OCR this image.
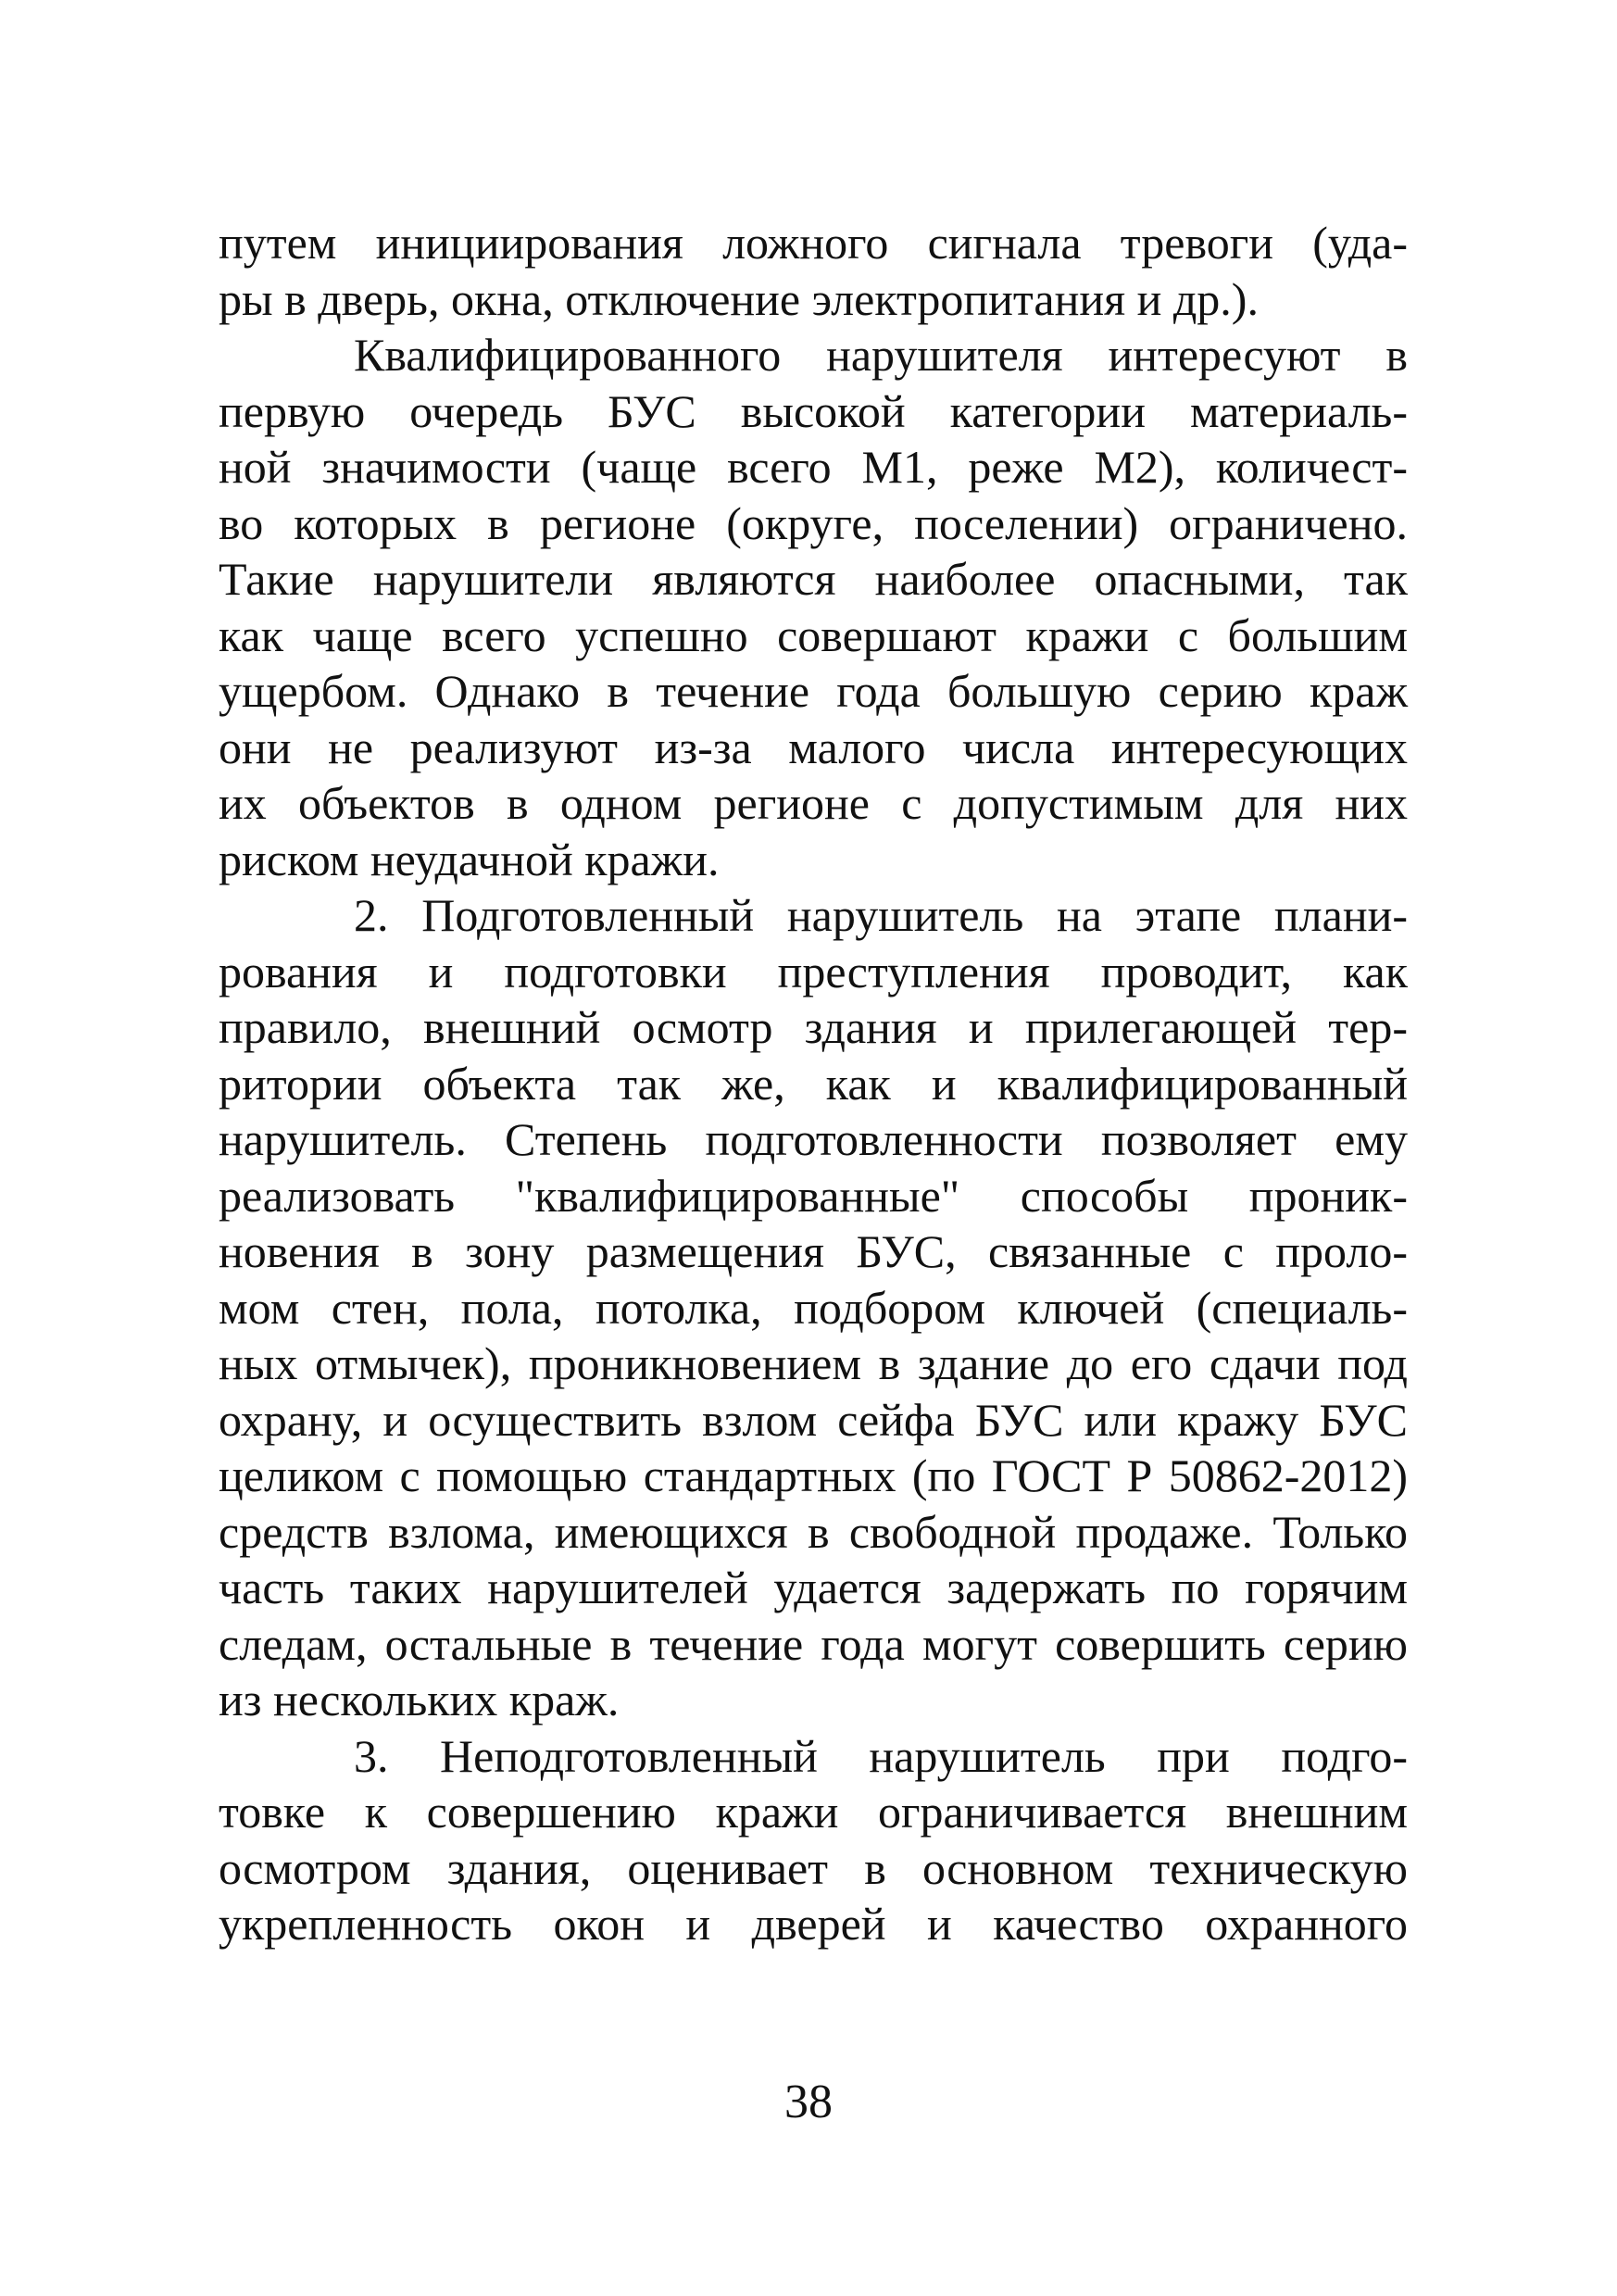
путем инициирования ложного сигнала тревоги (уда-
ры в дверь, окна, отключение электропитания и др.).
Квалифицированного нарушителя интересуют в
первую очередь БУС высокой категории материаль-
ной значимости (чаще всего М1, реже М2), количест-
во которых в регионе (округе, поселении) ограничено.
Такие нарушители являются наиболее опасными, так
как чаще всего успешно совершают кражи с большим
ущербом. Однако в течение года большую серию краж
они не реализуют из-за малого числа интересующих
их объектов в одном регионе с допустимым для них
риском неудачной кражи.
2. Подготовленный нарушитель на этапе плани-
рования и подготовки преступления проводит, как
правило, внешний осмотр здания и прилегающей тер-
ритории объекта так же, как и квалифицированный
нарушитель. Степень подготовленности позволяет ему
реализовать "квалифицированные" способы проник-
новения в зону размещения БУС, связанные с проло-
мом стен, пола, потолка, подбором ключей (специаль-
ных отмычек), проникновением в здание до его сдачи под
охрану, и осуществить взлом сейфа БУС или кражу БУС
целиком с помощью стандартных (по ГОСТ Р 50862-2012)
средств взлома, имеющихся в свободной продаже. Только
часть таких нарушителей удается задержать по горячим
следам, остальные в течение года могут совершить серию
из нескольких краж.
3. Неподготовленный нарушитель при подго-
товке к совершению кражи ограничивается внешним
осмотром здания, оценивает в основном техническую
укрепленность окон и дверей и качество охранного
38
